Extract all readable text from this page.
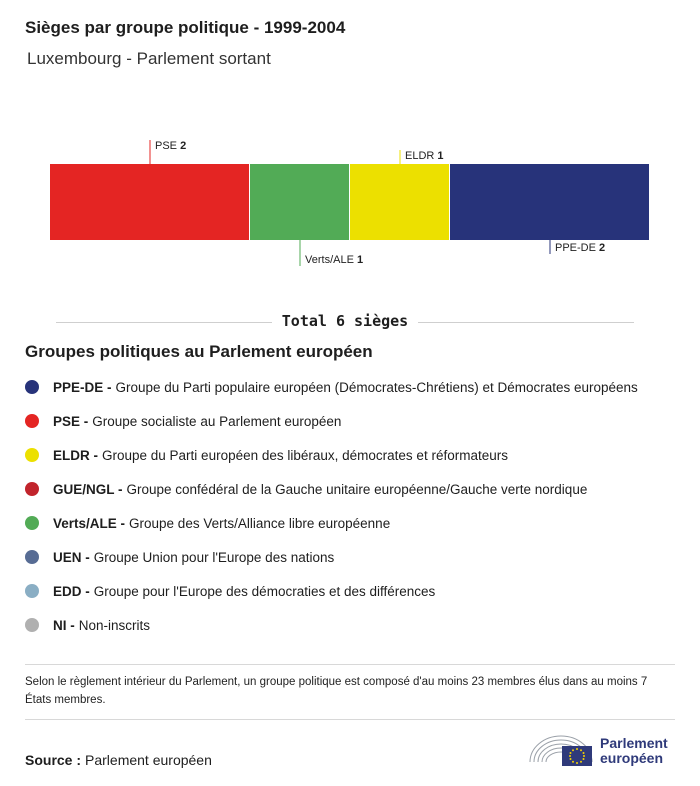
Sièges par groupe politique - 1999-2004
Luxembourg - Parlement sortant
PSE 2
Verts/ALE 1
ELDR 1
PPE-DE 2
Total 6 sièges
Groupes politiques au Parlement européen
PPE-DE - Groupe du Parti populaire européen (Démocrates-Chrétiens) et Démocrates européens
PSE - Groupe socialiste au Parlement européen
ELDR - Groupe du Parti européen des libéraux, démocrates et réformateurs
GUE/NGL - Groupe confédéral de la Gauche unitaire européenne/Gauche verte nordique
Verts/ALE - Groupe des Verts/Alliance libre européenne
UEN - Groupe Union pour l'Europe des nations
EDD - Groupe pour l'Europe des démocraties et des différences
NI - Non-inscrits
Selon le règlement intérieur du Parlement, un groupe politique est composé d'au moins 23 membres élus dans au moins 7 États membres.
Source : Parlement européen
Parlement
européen
